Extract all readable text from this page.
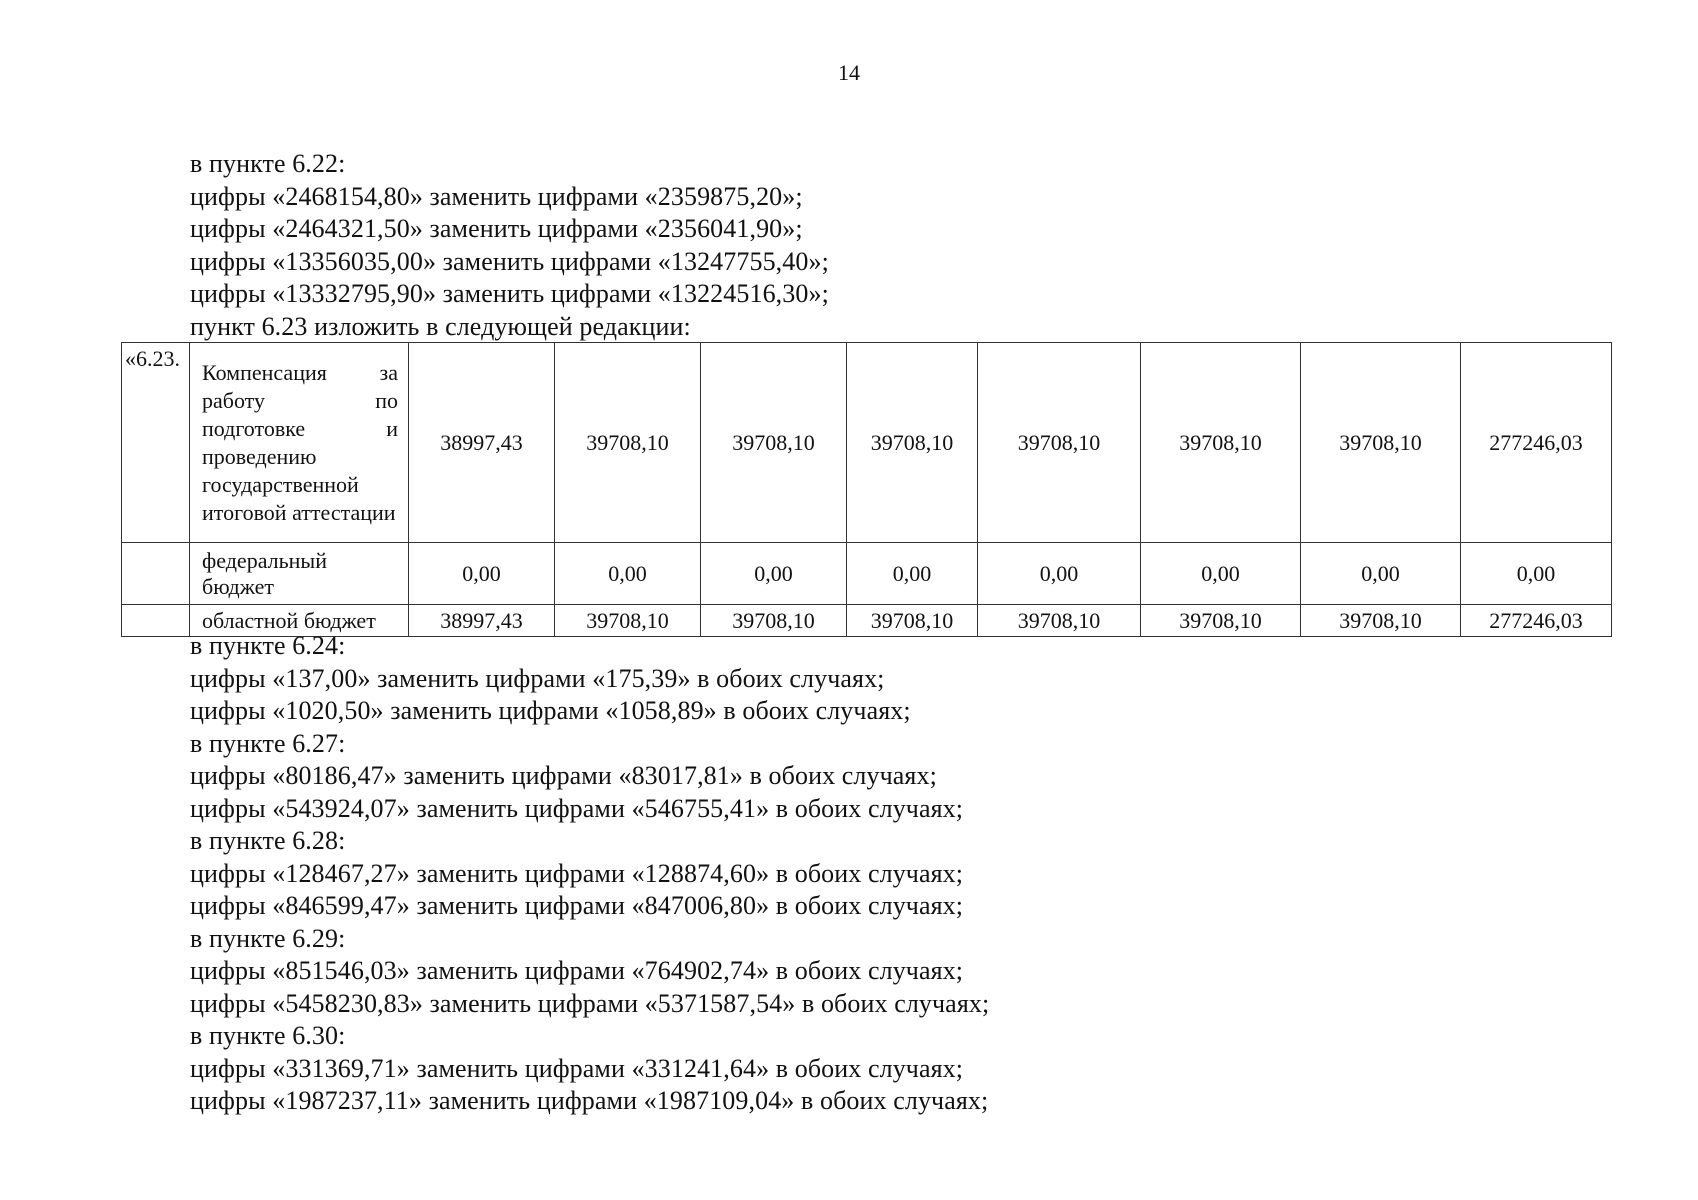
14
в пункте 6.22:
цифры «2468154,80» заменить цифрами «2359875,20»;
цифры «2464321,50» заменить цифрами «2356041,90»;
цифры «13356035,00» заменить цифрами «13247755,40»;
цифры «13332795,90» заменить цифрами «13224516,30»;
пункт 6.23 изложить в следующей редакции:
«6.23.	Компенсация за работу по подготовке и проведению государственной итоговой аттестации	38997,43	39708,10	39708,10	39708,10	39708,10	39708,10	39708,10	277246,03

	федеральный бюджет	0,00	0,00	0,00	0,00	0,00	0,00	0,00	0,00

	областной бюджет	38997,43	39708,10	39708,10	39708,10	39708,10	39708,10	39708,10	277246,03
в пункте 6.24:
цифры «137,00» заменить цифрами «175,39» в обоих случаях;
цифры «1020,50» заменить цифрами «1058,89» в обоих случаях;
в пункте 6.27:
цифры «80186,47» заменить цифрами «83017,81» в обоих случаях;
цифры «543924,07» заменить цифрами «546755,41» в обоих случаях;
в пункте 6.28:
цифры «128467,27» заменить цифрами «128874,60» в обоих случаях;
цифры «846599,47» заменить цифрами «847006,80» в обоих случаях;
в пункте 6.29:
цифры «851546,03» заменить цифрами «764902,74» в обоих случаях;
цифры «5458230,83» заменить цифрами «5371587,54» в обоих случаях;
в пункте 6.30:
цифры «331369,71» заменить цифрами «331241,64» в обоих случаях;
цифры «1987237,11» заменить цифрами «1987109,04» в обоих случаях;
